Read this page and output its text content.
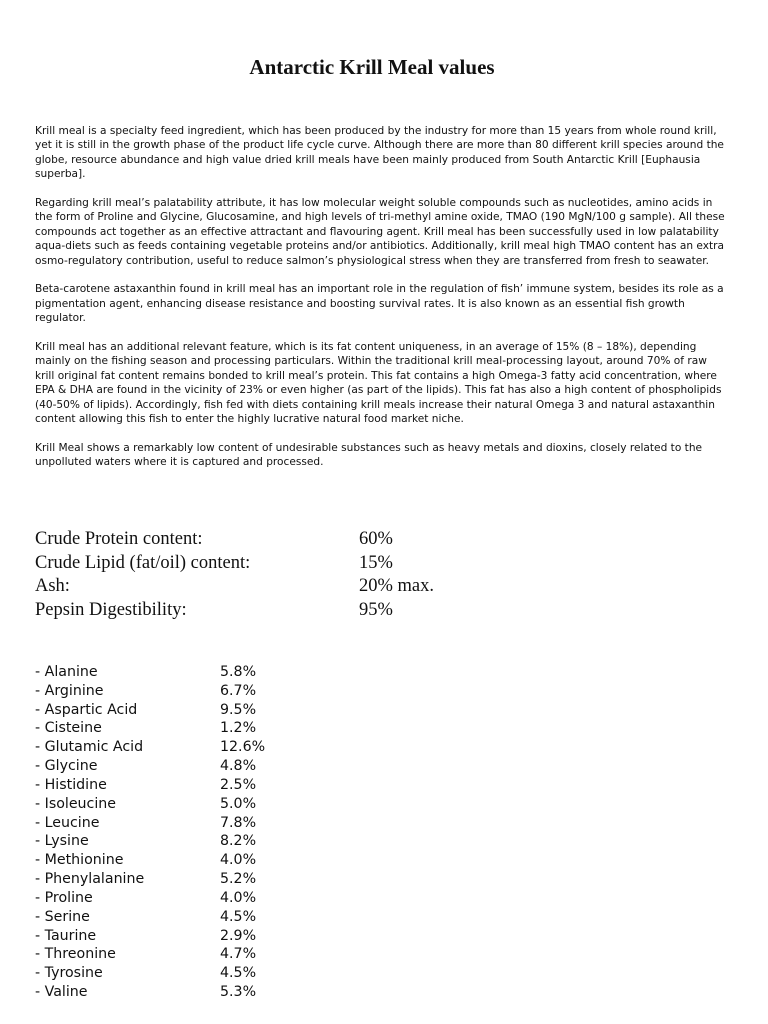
Antarctic Krill Meal values

Krill meal is a specialty feed ingredient, which has been produced by the industry for more than 15 years from whole round krill, yet it is still in the growth phase of the product life cycle curve. Although there are more than 80 different krill species around the globe, resource abundance and high value dried krill meals have been mainly produced from South Antarctic Krill [Euphausia superba].

Regarding krill meal’s palatability attribute, it has low molecular weight soluble compounds such as nucleotides, amino acids in the form of Proline and Glycine, Glucosamine, and high levels of tri-methyl amine oxide, TMAO (190 MgN/100 g sample). All these compounds act together as an effective attractant and flavouring agent. Krill meal has been successfully used in low palatability aqua-diets such as feeds containing vegetable proteins and/or antibiotics. Additionally, krill meal high TMAO content has an extra osmo-regulatory contribution, useful to reduce salmon’s physiological stress when they are transferred from fresh to seawater.

Beta-carotene astaxanthin found in krill meal has an important role in the regulation of fish’ immune system, besides its role as a pigmentation agent, enhancing disease resistance and boosting survival rates. It is also known as an essential fish growth regulator.

Krill meal has an additional relevant feature, which is its fat content uniqueness, in an average of 15% (8 – 18%), depending mainly on the fishing season and processing particulars. Within the traditional krill meal-processing layout, around 70% of raw krill original fat content remains bonded to krill meal’s protein. This fat contains a high Omega-3 fatty acid concentration, where EPA & DHA are found in the vicinity of 23% or even higher (as part of the lipids). This fat has also a high content of phospholipids (40-50% of lipids). Accordingly, fish fed with diets containing krill meals increase their natural Omega 3 and natural astaxanthin content allowing this fish to enter the highly lucrative natural food market niche.

Krill Meal shows a remarkably low content of undesirable substances such as heavy metals and dioxins, closely related to the unpolluted waters where it is captured and processed.

Crude Protein content:	60%
Crude Lipid (fat/oil) content:	15%
Ash:	20% max.
Pepsin Digestibility:	95%
- Alanine	5.8%
- Arginine	6.7%
- Aspartic Acid	9.5%
- Cisteine	1.2%
- Glutamic Acid	12.6%
- Glycine	4.8%
- Histidine	2.5%
- Isoleucine	5.0%
- Leucine	7.8%
- Lysine	8.2%
- Methionine	4.0%
- Phenylalanine	5.2%
- Proline	4.0%
- Serine	4.5%
- Taurine	2.9%
- Threonine	4.7%
- Tyrosine	4.5%
- Valine	5.3%
